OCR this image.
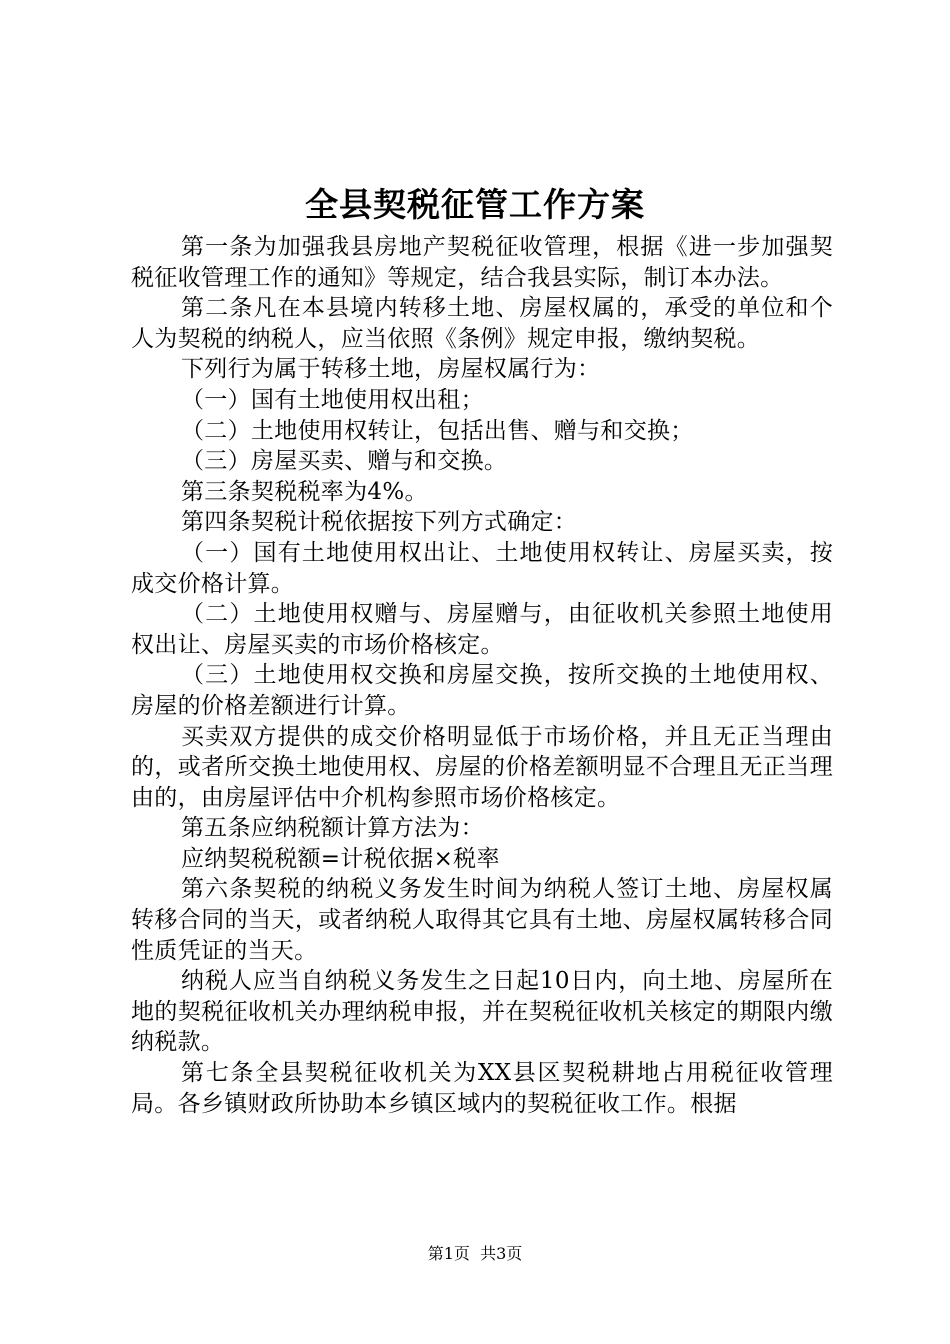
全县契税征管工作方案

第一条为加强我县房地产契税征收管理，根据《进一步加强契税征收管理工作的通知》等规定，结合我县实际，制订本办法。

第二条凡在本县境内转移土地、房屋权属的，承受的单位和个人为契税的纳税人，应当依照《条例》规定申报，缴纳契税。

下列行为属于转移土地，房屋权属行为：

（一）国有土地使用权出租；

（二）土地使用权转让，包括出售、赠与和交换；

（三）房屋买卖、赠与和交换。

第三条契税税率为4%。

第四条契税计税依据按下列方式确定：

（一）国有土地使用权出让、土地使用权转让、房屋买卖，按成交价格计算。

（二）土地使用权赠与、房屋赠与，由征收机关参照土地使用权出让、房屋买卖的市场价格核定。

（三）土地使用权交换和房屋交换，按所交换的土地使用权、房屋的价格差额进行计算。

买卖双方提供的成交价格明显低于市场价格，并且无正当理由的，或者所交换土地使用权、房屋的价格差额明显不合理且无正当理由的，由房屋评估中介机构参照市场价格核定。

第五条应纳税额计算方法为：

应纳契税税额=计税依据×税率

第六条契税的纳税义务发生时间为纳税人签订土地、房屋权属转移合同的当天，或者纳税人取得其它具有土地、房屋权属转移合同性质凭证的当天。

纳税人应当自纳税义务发生之日起10日内，向土地、房屋所在地的契税征收机关办理纳税申报，并在契税征收机关核定的期限内缴纳税款。

第七条全县契税征收机关为XX县区契税耕地占用税征收管理局。各乡镇财政所协助本乡镇区域内的契税征收工作。根据

第1页 共3页
